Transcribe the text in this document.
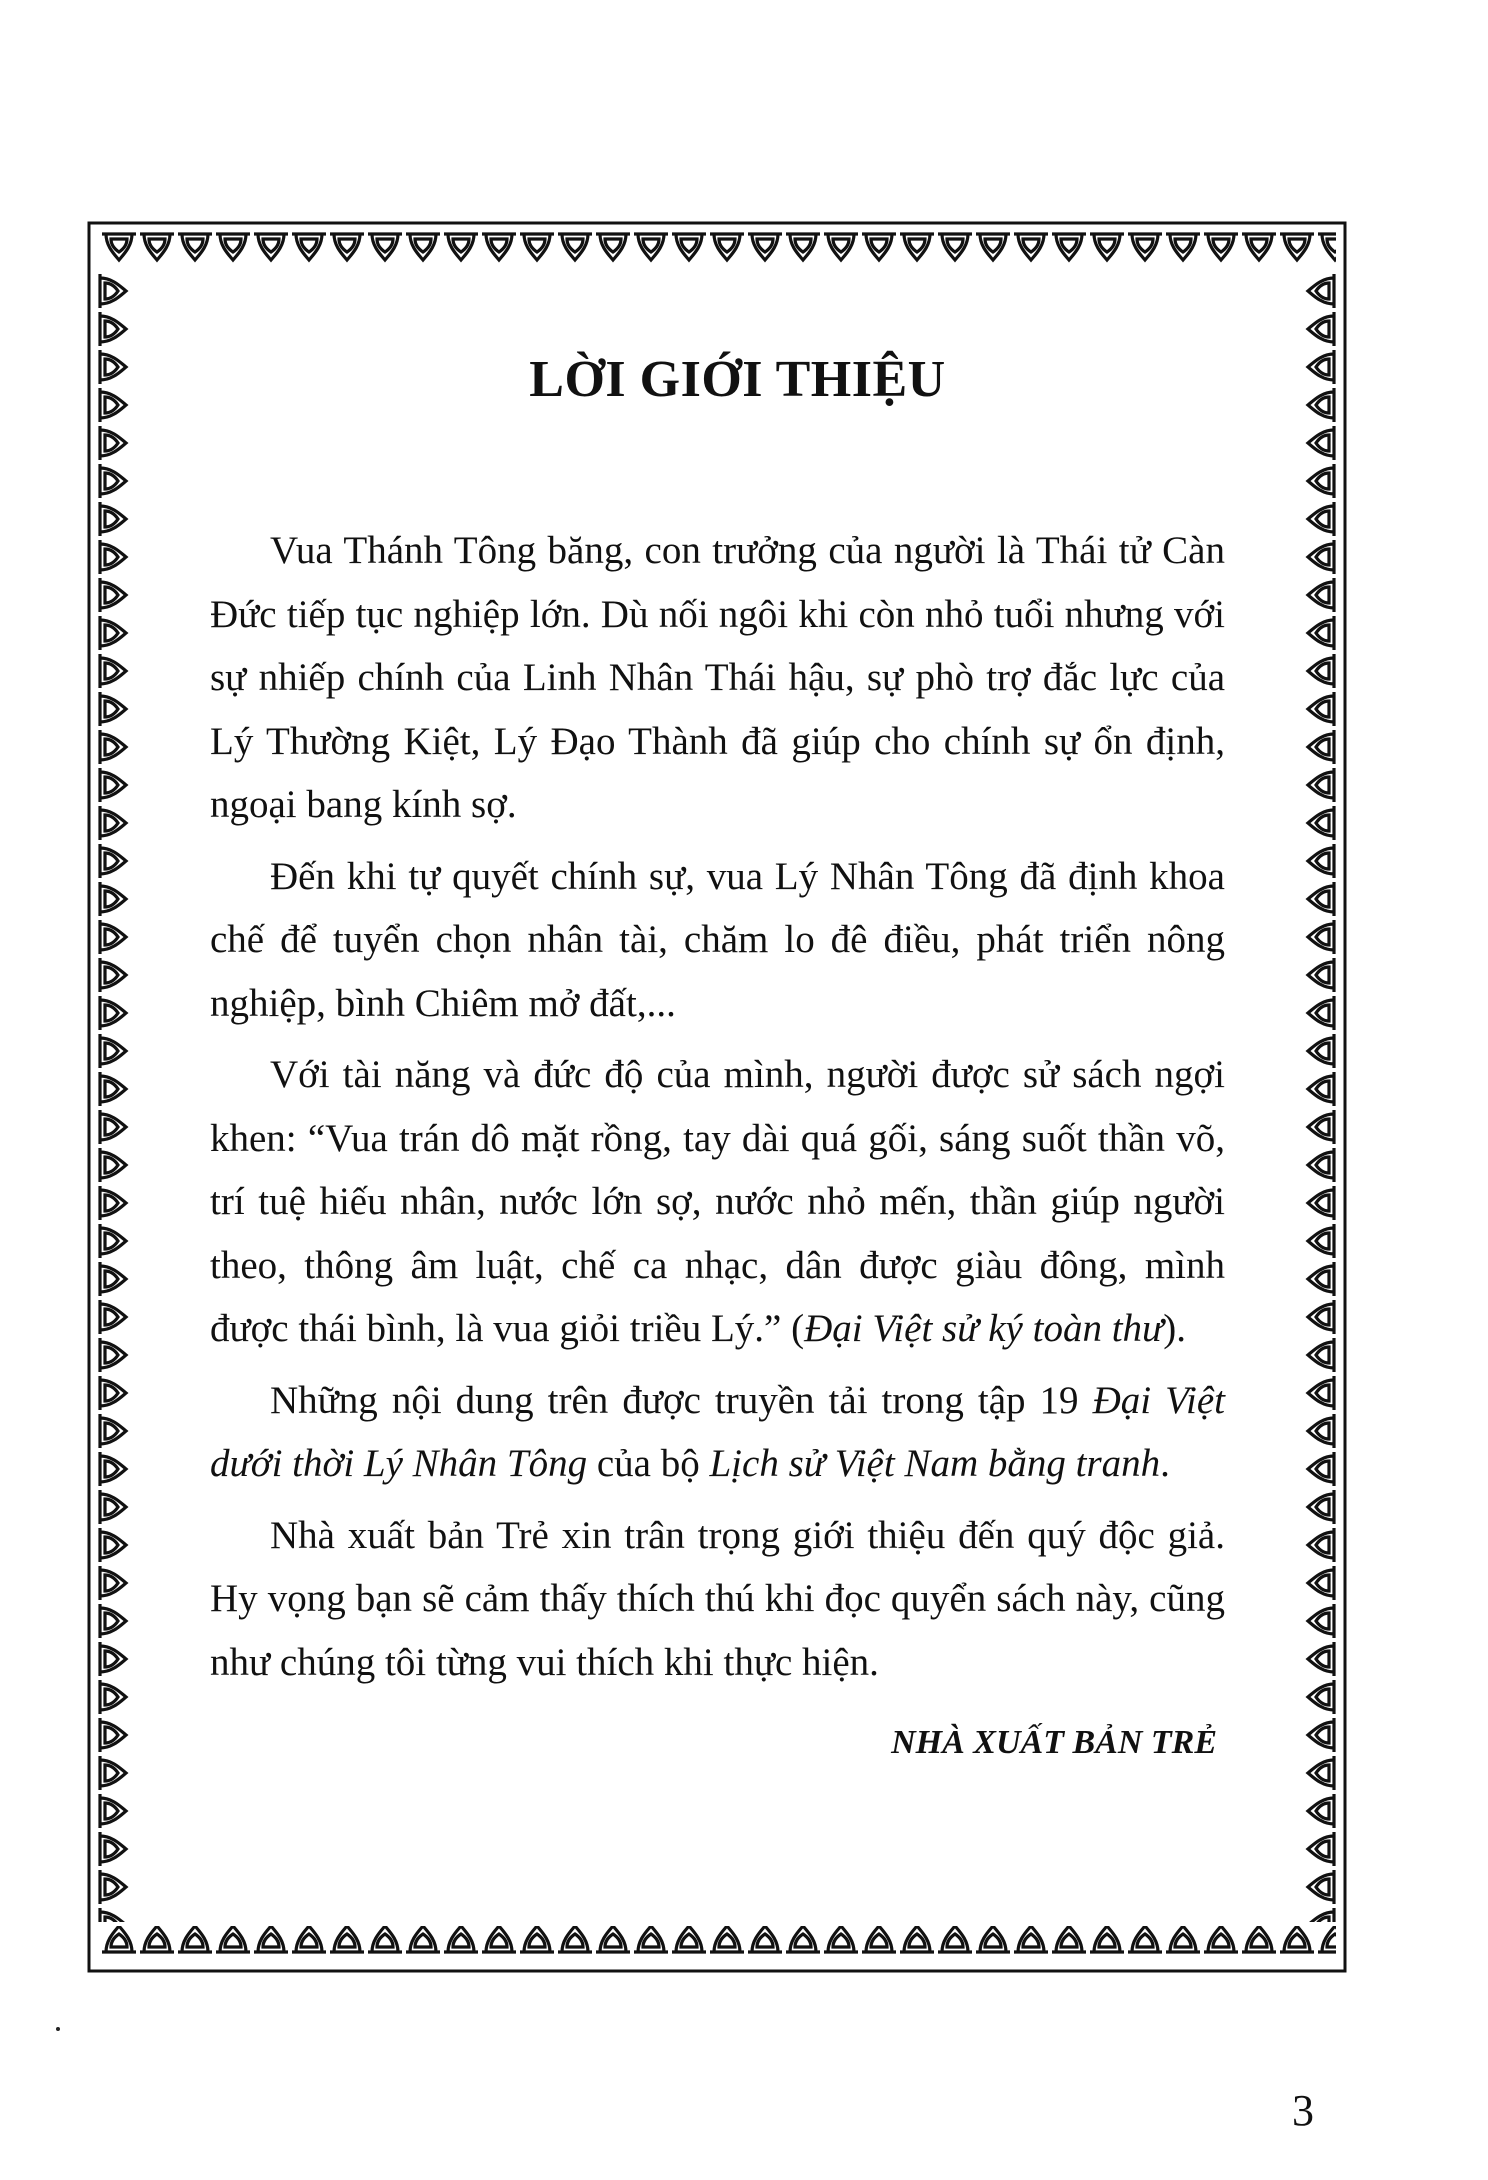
LỜI GIỚI THIỆU

Vua Thánh Tông băng, con trưởng của người là Thái tử Càn Đức tiếp tục nghiệp lớn. Dù nối ngôi khi còn nhỏ tuổi nhưng với sự nhiếp chính của Linh Nhân Thái hậu, sự phò trợ đắc lực của Lý Thường Kiệt, Lý Đạo Thành đã giúp cho chính sự ổn định, ngoại bang kính sợ.

Đến khi tự quyết chính sự, vua Lý Nhân Tông đã định khoa chế để tuyển chọn nhân tài, chăm lo đê điều, phát triển nông nghiệp, bình Chiêm mở đất,...

Với tài năng và đức độ của mình, người được sử sách ngợi khen: “Vua trán dô mặt rồng, tay dài quá gối, sáng suốt thần võ, trí tuệ hiếu nhân, nước lớn sợ, nước nhỏ mến, thần giúp người theo, thông âm luật, chế ca nhạc, dân được giàu đông, mình được thái bình, là vua giỏi triều Lý.” (Đại Việt sử ký toàn thư).

Những nội dung trên được truyền tải trong tập 19 Đại Việt dưới thời Lý Nhân Tông của bộ Lịch sử Việt Nam bằng tranh.

Nhà xuất bản Trẻ xin trân trọng giới thiệu đến quý độc giả. Hy vọng bạn sẽ cảm thấy thích thú khi đọc quyển sách này, cũng như chúng tôi từng vui thích khi thực hiện.

NHÀ XUẤT BẢN TRẺ
3
